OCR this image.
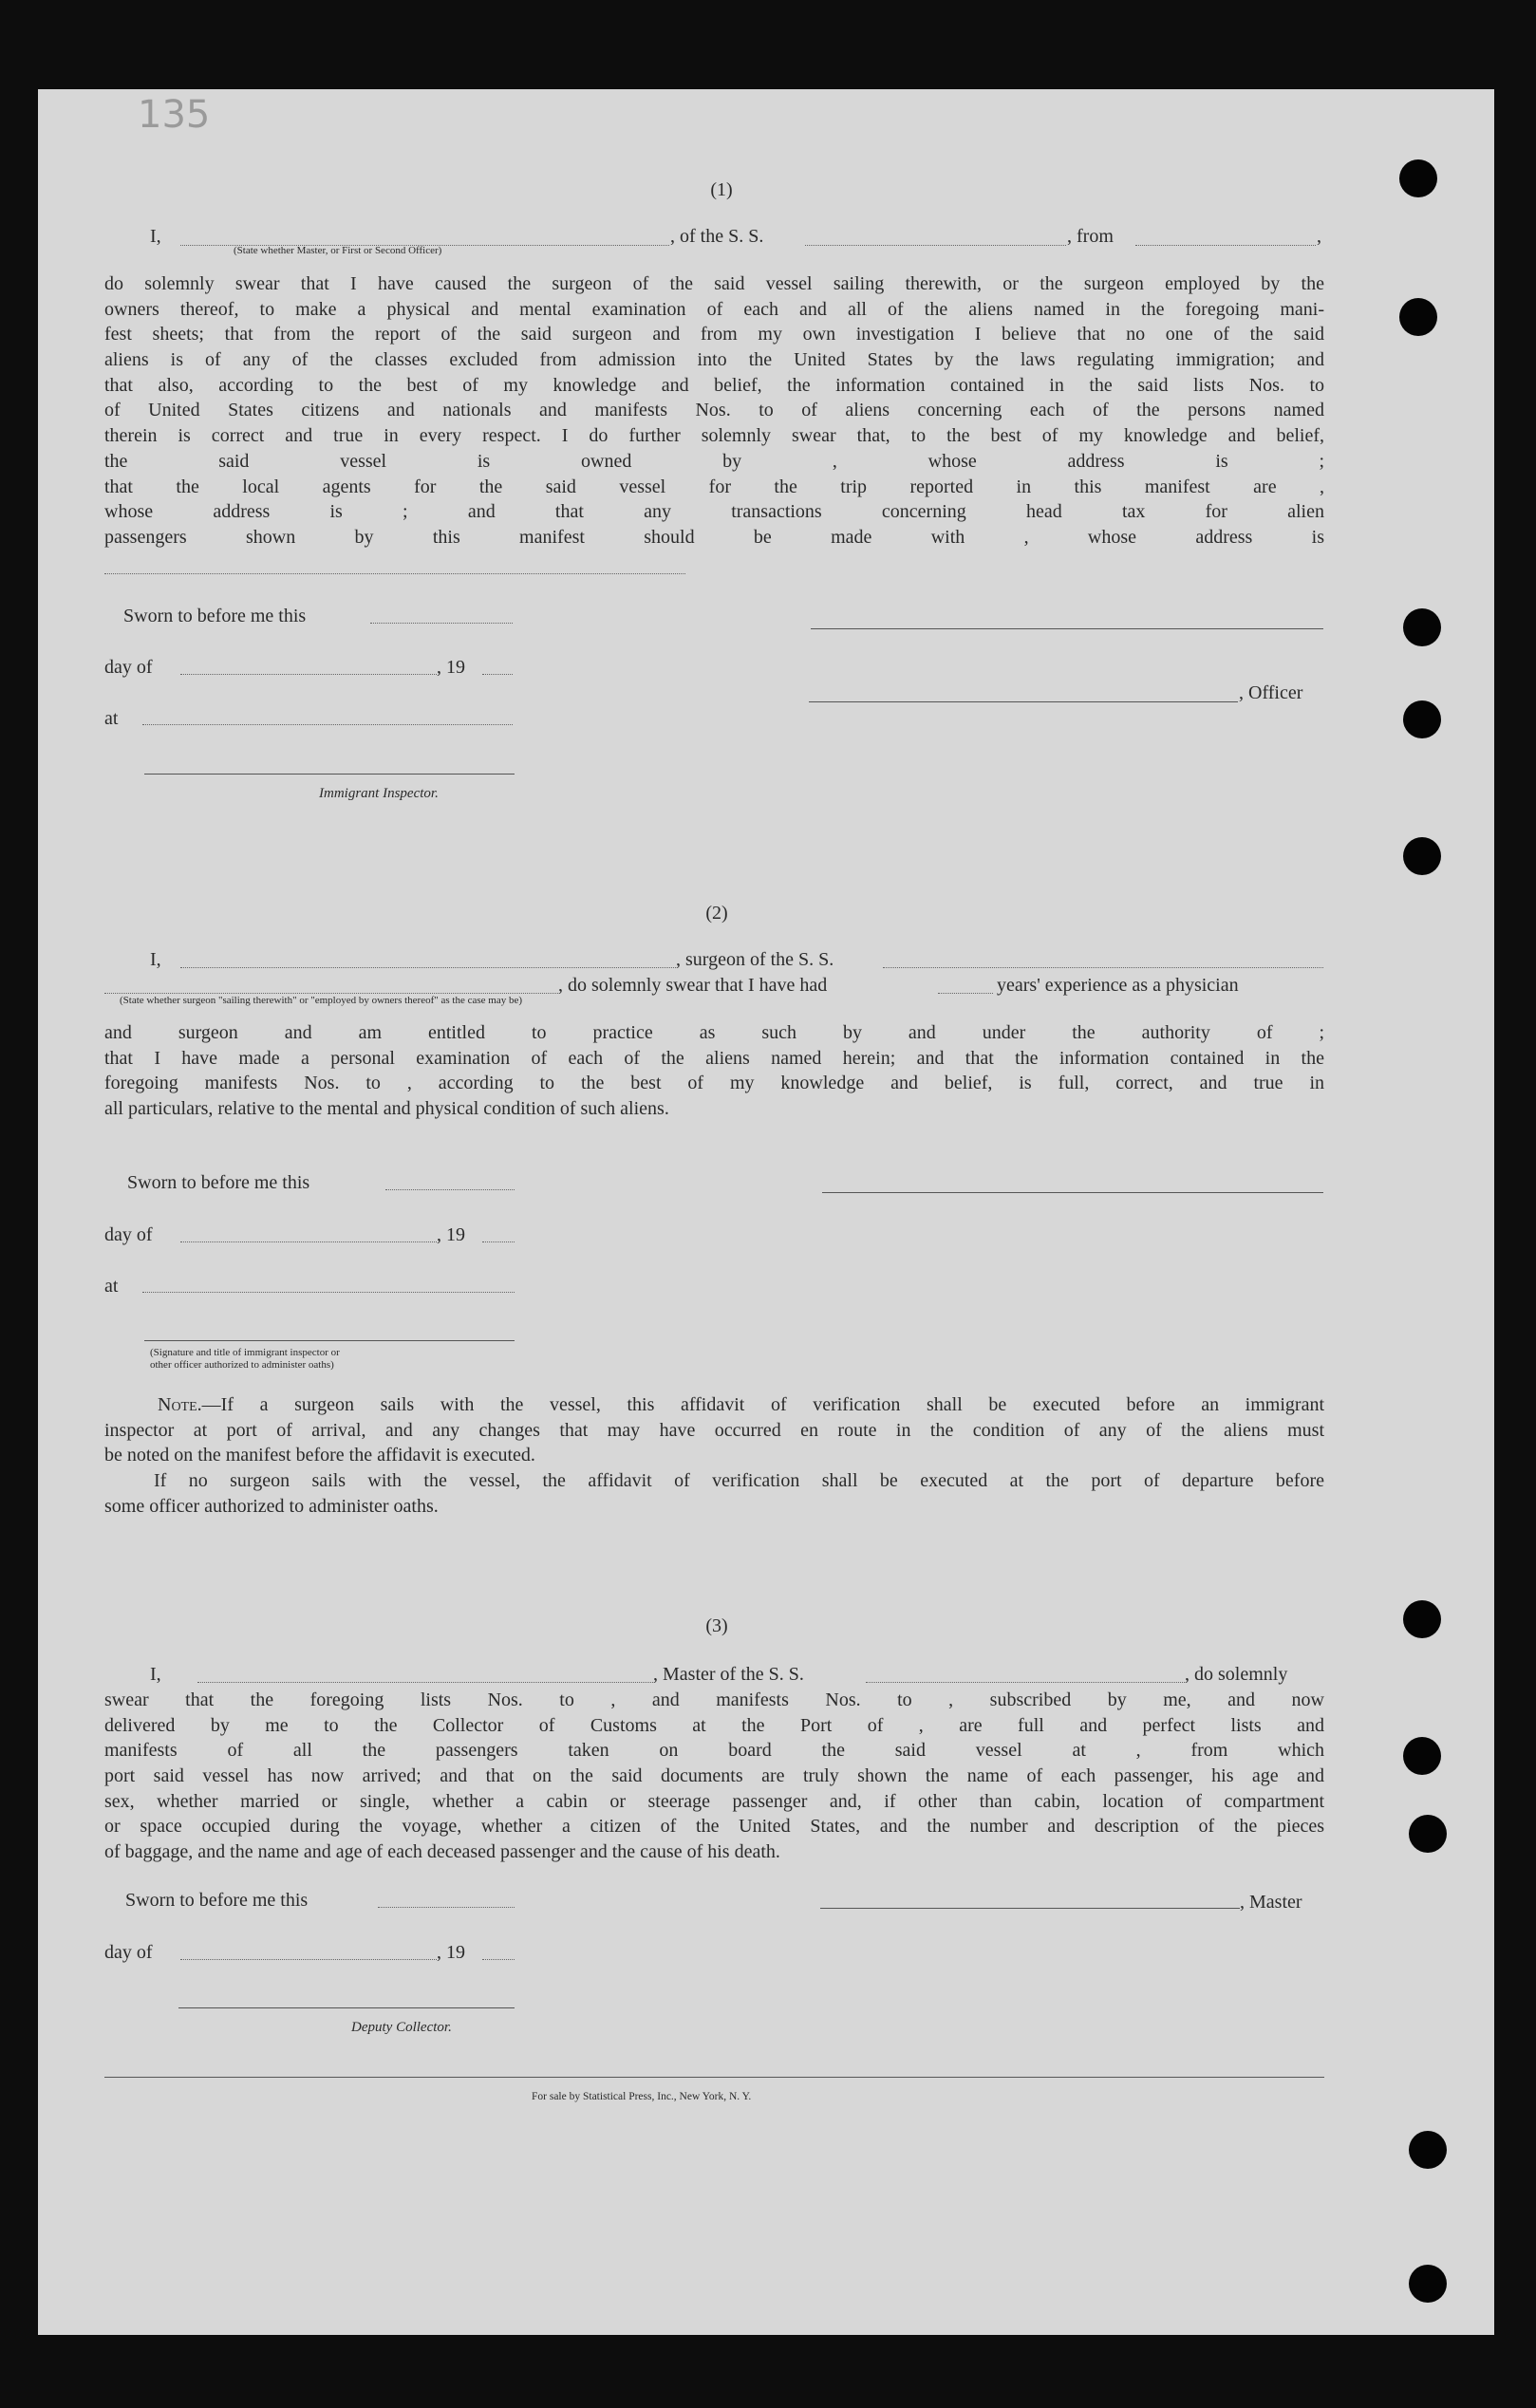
135
(1)
I,	, of the S. S.	, from	,
(State whether Master, or First or Second Officer)
do solemnly swear that I have caused the surgeon of the said vessel sailing therewith, or the surgeon employed by the
owners thereof, to make a physical and mental examination of each and all of the aliens named in the foregoing mani-
fest sheets; that from the report of the said surgeon and from my own investigation I believe that no one of the said
aliens is of any of the classes excluded from admission into the United States by the laws regulating immigration; and
that also, according to the best of my knowledge and belief, the information contained in the said lists Nos. to
of United States citizens and nationals and manifests Nos. to of aliens concerning each of the persons named
therein is correct and true in every respect. I do further solemnly swear that, to the best of my knowledge and belief,
the said vessel is owned by , whose address is ;
that the local agents for the said vessel for the trip reported in this manifest are ,
whose address is ; and that any transactions concerning head tax for alien
passengers shown by this manifest should be made with , whose address is
Sworn to before me this
day of	, 19
at
Immigrant Inspector.
, Officer
(2)
I,	, surgeon of the S. S.
, do solemnly swear that I have had	years' experience as a physician
(State whether surgeon "sailing therewith" or "employed by owners thereof" as the case may be)
and surgeon and am entitled to practice as such by and under the authority of ;
that I have made a personal examination of each of the aliens named herein; and that the information contained in the
foregoing manifests Nos. to , according to the best of my knowledge and belief, is full, correct, and true in
all particulars, relative to the mental and physical condition of such aliens.
Sworn to before me this
day of	, 19
at
(Signature and title of immigrant inspector or
other officer authorized to administer oaths)
Note.—If a surgeon sails with the vessel, this affidavit of verification shall be executed before an immigrant
inspector at port of arrival, and any changes that may have occurred en route in the condition of any of the aliens must
be noted on the manifest before the affidavit is executed.
If no surgeon sails with the vessel, the affidavit of verification shall be executed at the port of departure before
some officer authorized to administer oaths.
(3)
I,	, Master of the S. S.	, do solemnly
swear that the foregoing lists Nos. to , and manifests Nos. to , subscribed by me, and now
delivered by me to the Collector of Customs at the Port of , are full and perfect lists and
manifests of all the passengers taken on board the said vessel at , from which
port said vessel has now arrived; and that on the said documents are truly shown the name of each passenger, his age and
sex, whether married or single, whether a cabin or steerage passenger and, if other than cabin, location of compartment
or space occupied during the voyage, whether a citizen of the United States, and the number and description of the pieces
of baggage, and the name and age of each deceased passenger and the cause of his death.
Sworn to before me this
day of	, 19
Deputy Collector.
, Master
For sale by Statistical Press, Inc., New York, N. Y.
